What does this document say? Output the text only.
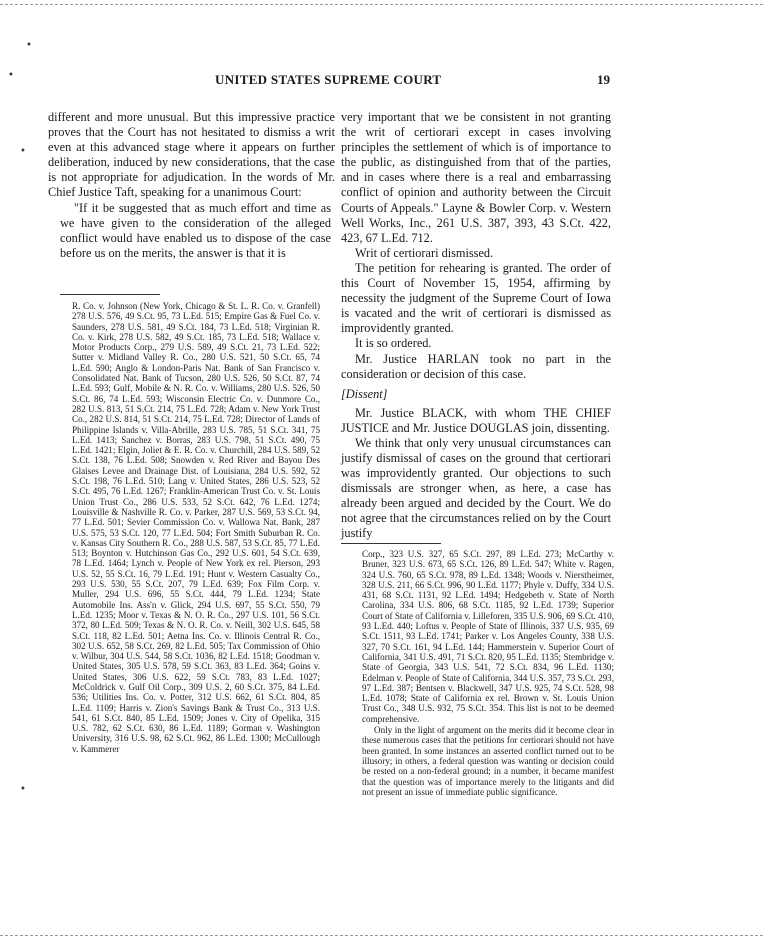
•
•
•
•
UNITED STATES SUPREME COURT	19

different and more unusual. But this impressive practice proves that the Court has not hesitated to dismiss a writ even at this advanced stage where it appears on further deliberation, induced by new considerations, that the case is not appropriate for adjudication. In the words of Mr. Chief Justice Taft, speaking for a unanimous Court:

"If it be suggested that as much effort and time as we have given to the consideration of the alleged conflict would have enabled us to dispose of the case before us on the merits, the answer is that it is

R. Co. v. Johnson (New York, Chicago & St. L. R. Co. v. Granfell) 278 U.S. 576, 49 S.Ct. 95, 73 L.Ed. 515; Empire Gas & Fuel Co. v. Saunders, 278 U.S. 581, 49 S.Ct. 184, 73 L.Ed. 518; Virginian R. Co. v. Kirk, 278 U.S. 582, 49 S.Ct. 185, 73 L.Ed. 518; Wallace v. Motor Products Corp., 279 U.S. 589, 49 S.Ct. 21, 73 L.Ed. 522; Sutter v. Midland Valley R. Co., 280 U.S. 521, 50 S.Ct. 65, 74 L.Ed. 590; Anglo & London-Paris Nat. Bank of San Francisco v. Consolidated Nat. Bank of Tucson, 280 U.S. 526, 50 S.Ct. 87, 74 L.Ed. 593; Gulf, Mobile & N. R. Co. v. Williams, 280 U.S. 526, 50 S.Ct. 86, 74 L.Ed. 593; Wisconsin Electric Co. v. Dunmore Co., 282 U.S. 813, 51 S.Ct. 214, 75 L.Ed. 728; Adam v. New York Trust Co., 282 U.S. 814, 51 S.Ct. 214, 75 L.Ed. 728; Director of Lands of Philippine Islands v. Villa-Abrille, 283 U.S. 785, 51 S.Ct. 341, 75 L.Ed. 1413; Sanchez v. Borras, 283 U.S. 798, 51 S.Ct. 490, 75 L.Ed. 1421; Elgin, Joliet & E. R. Co. v. Churchill, 284 U.S. 589, 52 S.Ct. 138, 76 L.Ed. 508; Snowden v. Red River and Bayou Des Glaises Levee and Drainage Dist. of Louisiana, 284 U.S. 592, 52 S.Ct. 198, 76 L.Ed. 510; Lang v. United States, 286 U.S. 523, 52 S.Ct. 495, 76 L.Ed. 1267; Franklin-American Trust Co. v. St. Louis Union Trust Co., 286 U.S. 533, 52 S.Ct. 642, 76 L.Ed. 1274; Louisville & Nashville R. Co. v. Parker, 287 U.S. 569, 53 S.Ct. 94, 77 L.Ed. 501; Sevier Commission Co. v. Wallowa Nat. Bank, 287 U.S. 575, 53 S.Ct. 120, 77 L.Ed. 504; Fort Smith Suburban R. Co. v. Kansas City Southern R. Co., 288 U.S. 587, 53 S.Ct. 85, 77 L.Ed. 513; Boynton v. Hutchinson Gas Co., 292 U.S. 601, 54 S.Ct. 639, 78 L.Ed. 1464; Lynch v. People of New York ex rel. Pierson, 293 U.S. 52, 55 S.Ct. 16, 79 L.Ed. 191; Hunt v. Western Casualty Co., 293 U.S. 530, 55 S.Ct. 207, 79 L.Ed. 639; Fox Film Corp. v. Muller, 294 U.S. 696, 55 S.Ct. 444, 79 L.Ed. 1234; State Automobile Ins. Ass'n v. Glick, 294 U.S. 697, 55 S.Ct. 550, 79 L.Ed. 1235; Moor v. Texas & N. O. R. Co., 297 U.S. 101, 56 S.Ct. 372, 80 L.Ed. 509; Texas & N. O. R. Co. v. Neill, 302 U.S. 645, 58 S.Ct. 118, 82 L.Ed. 501; Aetna Ins. Co. v. Illinois Central R. Co., 302 U.S. 652, 58 S.Ct. 269, 82 L.Ed. 505; Tax Commission of Ohio v. Wilbur, 304 U.S. 544, 58 S.Ct. 1036, 82 L.Ed. 1518; Goodman v. United States, 305 U.S. 578, 59 S.Ct. 363, 83 L.Ed. 364; Goins v. United States, 306 U.S. 622, 59 S.Ct. 783, 83 L.Ed. 1027; McColdrick v. Gulf Oil Corp., 309 U.S. 2, 60 S.Ct. 375, 84 L.Ed. 536; Utilities Ins. Co. v. Potter, 312 U.S. 662, 61 S.Ct. 804, 85 L.Ed. 1109; Harris v. Zion's Savings Bank & Trust Co., 313 U.S. 541, 61 S.Ct. 840, 85 L.Ed. 1509; Jones v. City of Opelika, 315 U.S. 782, 62 S.Ct. 630, 86 L.Ed. 1189; Gorman v. Washington University, 316 U.S. 98, 62 S.Ct. 962, 86 L.Ed. 1300; McCullough v. Kammerer

very important that we be consistent in not granting the writ of certiorari except in cases involving principles the settlement of which is of importance to the public, as distinguished from that of the parties, and in cases where there is a real and embarrassing conflict of opinion and authority between the Circuit Courts of Appeals." Layne & Bowler Corp. v. Western Well Works, Inc., 261 U.S. 387, 393, 43 S.Ct. 422, 423, 67 L.Ed. 712.

Writ of certiorari dismissed.

The petition for rehearing is granted. The order of this Court of November 15, 1954, affirming by necessity the judgment of the Supreme Court of Iowa is vacated and the writ of certiorari is dismissed as improvidently granted.

It is so ordered.

Mr. Justice HARLAN took no part in the consideration or decision of this case.

[Dissent]

Mr. Justice BLACK, with whom THE CHIEF JUSTICE and Mr. Justice DOUGLAS join, dissenting.

We think that only very unusual circumstances can justify dismissal of cases on the ground that certiorari was improvidently granted. Our objections to such dismissals are stronger when, as here, a case has already been argued and decided by the Court. We do not agree that the circumstances relied on by the Court justify

Corp., 323 U.S. 327, 65 S.Ct. 297, 89 L.Ed. 273; McCarthy v. Bruner, 323 U.S. 673, 65 S.Ct. 126, 89 L.Ed. 547; White v. Ragen, 324 U.S. 760, 65 S.Ct. 978, 89 L.Ed. 1348; Woods v. Nierstheimer, 328 U.S. 211, 66 S.Ct. 996, 90 L.Ed. 1177; Phyle v. Duffy, 334 U.S. 431, 68 S.Ct. 1131, 92 L.Ed. 1494; Hedgebeth v. State of North Carolina, 334 U.S. 806, 68 S.Ct. 1185, 92 L.Ed. 1739; Superior Court of State of California v. Lilleforen, 335 U.S. 906, 69 S.Ct. 410, 93 L.Ed. 440; Loftus v. People of State of Illinois, 337 U.S. 935, 69 S.Ct. 1511, 93 L.Ed. 1741; Parker v. Los Angeles County, 338 U.S. 327, 70 S.Ct. 161, 94 L.Ed. 144; Hammerstein v. Superior Court of California, 341 U.S. 491, 71 S.Ct. 820, 95 L.Ed. 1135; Stembridge v. State of Georgia, 343 U.S. 541, 72 S.Ct. 834, 96 L.Ed. 1130; Edelman v. People of State of California, 344 U.S. 357, 73 S.Ct. 293, 97 L.Ed. 387; Bentsen v. Blackwell, 347 U.S. 925, 74 S.Ct. 528, 98 L.Ed. 1078; State of California ex rel. Brown v. St. Louis Union Trust Co., 348 U.S. 932, 75 S.Ct. 354. This list is not to be deemed comprehensive.

Only in the light of argument on the merits did it become clear in these numerous cases that the petitions for certiorari should not have been granted. In some instances an asserted conflict turned out to be illusory; in others, a federal question was wanting or decision could be rested on a non-federal ground; in a number, it became manifest that the question was of importance merely to the litigants and did not present an issue of immediate public significance.
